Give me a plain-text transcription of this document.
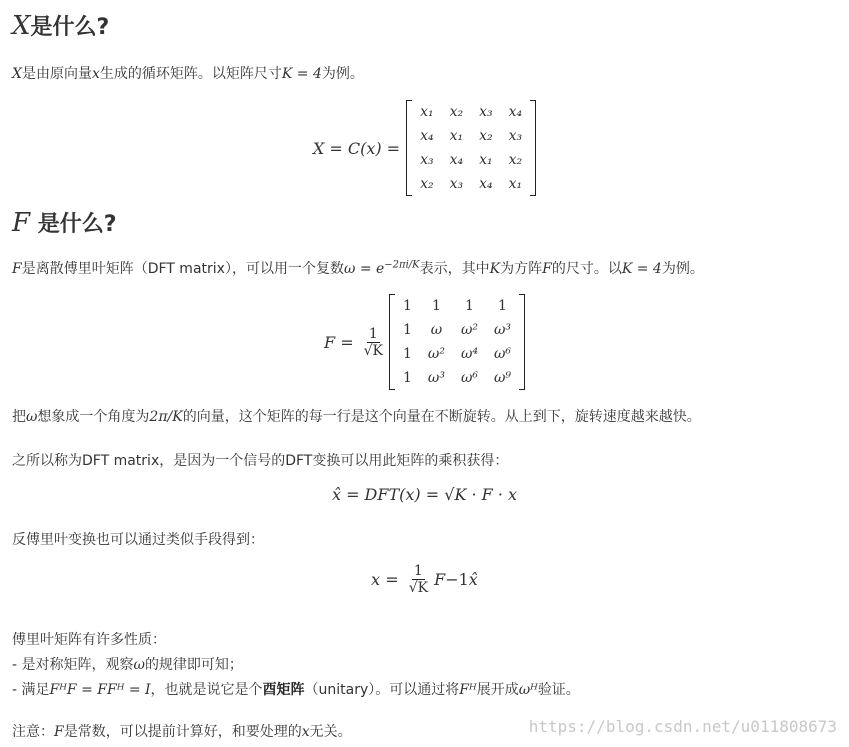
X是什么?
X是由原向量x生成的循环矩阵。以矩阵尺寸K = 4为例。
X = C(x) =
x₁	x₂	x₃	x₄
x₄	x₁	x₂	x₃
x₃	x₄	x₁	x₂
x₂	x₃	x₄	x₁
F 是什么?
F是离散傅里叶矩阵（DFT matrix），可以用一个复数$\omega = e^{-2\pi i/K}$表示，其中K为方阵F的尺寸。以K = 4为例。
$F = \frac{1}{√K}$
1	1	1	1
1	ω	ω²	ω³
1	ω²	ω⁴	ω⁶
1	ω³	ω⁶	ω⁹
把ω想象成一个角度为2π/K的向量，这个矩阵的每一行是这个向量在不断旋转。从上到下，旋转速度越来越快。
之所以称为DFT matrix，是因为一个信号的DFT变换可以用此矩阵的乘积获得：
x̂ = DFT(x) = √K · F · x
反傅里叶变换也可以通过类似手段得到：
$x = \frac{1}{√K}$ F −1 x̂
傅里叶矩阵有许多性质：
- 是对称矩阵，观察ω的规律即可知；
- 满足FᴴF = FFᴴ = I，也就是说它是个酉矩阵（unitary）。可以通过将Fᴴ展开成ωᴴ验证。
注意：F是常数，可以提前计算好，和要处理的x无关。	https://blog.csdn.net/u011808673
